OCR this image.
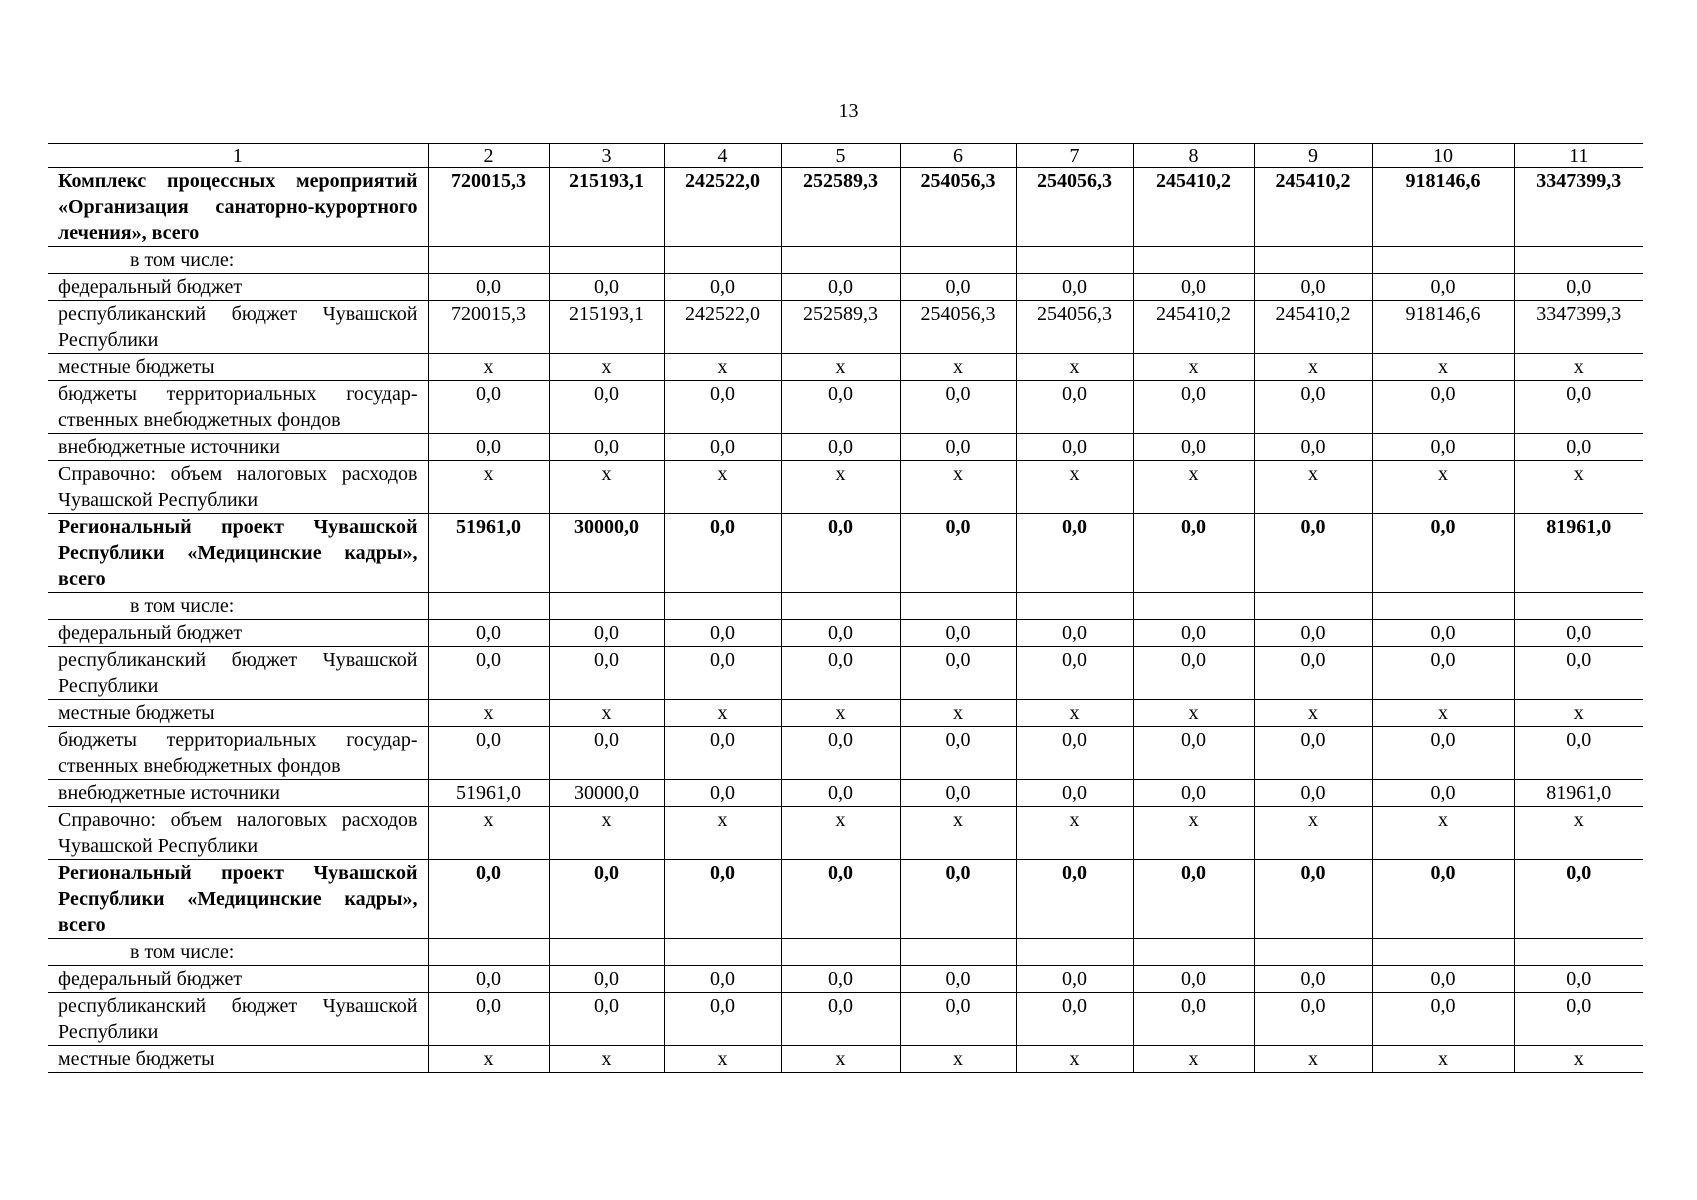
13
1	2	3	4	5	6	7	8	9	10	11
Комплекс процессных мероприятий «Организация санаторно-курортного лечения», всего	720015,3	215193,1	242522,0	252589,3	254056,3	254056,3	245410,2	245410,2	918146,6	3347399,3
в том числе:										
федеральный бюджет	0,0	0,0	0,0	0,0	0,0	0,0	0,0	0,0	0,0	0,0
республиканский бюджет Чувашской Республики	720015,3	215193,1	242522,0	252589,3	254056,3	254056,3	245410,2	245410,2	918146,6	3347399,3
местные бюджеты	х	х	х	х	х	х	х	х	х	х
бюджеты территориальных государственных внебюджетных фондов	0,0	0,0	0,0	0,0	0,0	0,0	0,0	0,0	0,0	0,0
внебюджетные источники	0,0	0,0	0,0	0,0	0,0	0,0	0,0	0,0	0,0	0,0
Справочно: объем налоговых расходов Чувашской Республики	х	х	х	х	х	х	х	х	х	х
Региональный проект Чувашской Республики «Медицинские кадры», всего	51961,0	30000,0	0,0	0,0	0,0	0,0	0,0	0,0	0,0	81961,0
в том числе:										
федеральный бюджет	0,0	0,0	0,0	0,0	0,0	0,0	0,0	0,0	0,0	0,0
республиканский бюджет Чувашской Республики	0,0	0,0	0,0	0,0	0,0	0,0	0,0	0,0	0,0	0,0
местные бюджеты	х	х	х	х	х	х	х	х	х	х
бюджеты территориальных государственных внебюджетных фондов	0,0	0,0	0,0	0,0	0,0	0,0	0,0	0,0	0,0	0,0
внебюджетные источники	51961,0	30000,0	0,0	0,0	0,0	0,0	0,0	0,0	0,0	81961,0
Справочно: объем налоговых расходов Чувашской Республики	х	х	х	х	х	х	х	х	х	х
Региональный проект Чувашской Республики «Медицинские кадры», всего	0,0	0,0	0,0	0,0	0,0	0,0	0,0	0,0	0,0	0,0
в том числе:										
федеральный бюджет	0,0	0,0	0,0	0,0	0,0	0,0	0,0	0,0	0,0	0,0
республиканский бюджет Чувашской Республики	0,0	0,0	0,0	0,0	0,0	0,0	0,0	0,0	0,0	0,0
местные бюджеты	х	х	х	х	х	х	х	х	х	х
